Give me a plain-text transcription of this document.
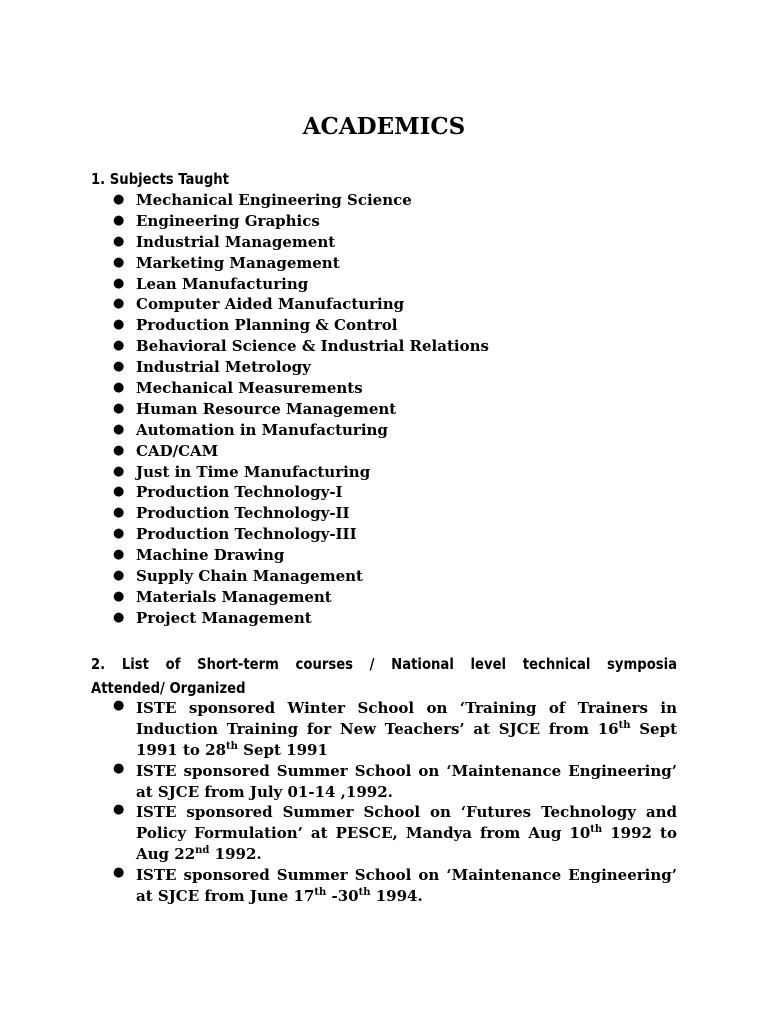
ACADEMICS
1. Subjects Taught
● Mechanical Engineering Science
● Engineering Graphics
● Industrial Management
● Marketing Management
● Lean Manufacturing
● Computer Aided Manufacturing
● Production Planning & Control
● Behavioral Science & Industrial Relations
● Industrial Metrology
● Mechanical Measurements
● Human Resource Management
● Automation in Manufacturing
● CAD/CAM
● Just in Time Manufacturing
● Production Technology-I
● Production Technology-II
● Production Technology-III
● Machine Drawing
● Supply Chain Management
● Materials Management
● Project Management
2. List of Short-term courses / National level technical symposia
Attended/ Organized
● ISTE sponsored Winter School on ‘Training of Trainers in
Induction Training for New Teachers’ at SJCE from 16th Sept
1991 to 28th Sept 1991
● ISTE sponsored Summer School on ‘Maintenance Engineering’
at SJCE from July 01-14 ,1992.
● ISTE sponsored Summer School on ‘Futures Technology and
Policy Formulation’ at PESCE, Mandya from Aug 10th 1992 to
Aug 22nd 1992.
● ISTE sponsored Summer School on ‘Maintenance Engineering’
at SJCE from June 17th -30th 1994.
